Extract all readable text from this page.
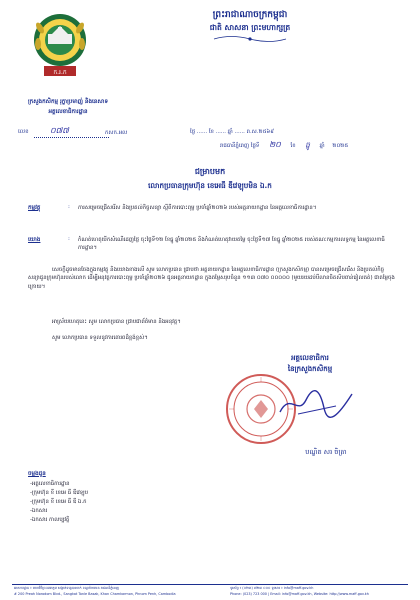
ក.រ.ក
ព្រះរាជាណាចក្រកម្ពុជា
ជាតិ សាសនា ព្រះមហាក្សត្រ
ក្រសួងកសិកម្ម រុក្ខាប្រមាញ់ និងនេសាទ
អគ្គលេខាធិការដ្ឋាន
លេខ	០៧៧	កសក.អល	ថ្ងៃ ...... ខែ ...... ឆ្នាំ ...... ព.ស.២៥៦៩
រាជធានីភ្នំពេញ ថ្ងៃទី ២០ ខែ ធ្នូ ឆ្នាំ ២០២៥
ជម្រាបមក
លោកប្រធានក្រុមហ៊ុន ខេអេធី ឌីវេឡុបមិន ឯ.ក
កម្មវត្ថុ	: ការសម្រេចជ្រើសរើស និងប្រគល់កិច្ចសន្យា ស្តីពីការបោះពុម្ព ប្រចាំឆ្នាំ២០២៦ របស់អគ្គនាយកដ្ឋាន នៃអគ្គលេខាធិការដ្ឋាន។
យោង	: កំណត់ហេតុបើកសំណើដេញថ្លៃ ចុះថ្ងៃទី១២ ខែធ្នូ ឆ្នាំ២០២៥ និងកំណត់ហេតុវាយតម្លៃ ចុះថ្ងៃទី១៧ ខែធ្នូ ឆ្នាំ២០២៥ របស់គណៈកម្មការលទ្ធកម្ម នៃអគ្គលេខាធិការដ្ឋាន។
សេចក្តីដូចមានចែងក្នុងកម្មវត្ថុ និងយោងខាងលើ សូម លោកប្រធាន ជ្រាបថា អគ្គនាយកដ្ឋាន នៃអគ្គលេខាធិការដ្ឋាន (ក្រសួងកសិកម្ម) បានសម្រេចជ្រើសរើស និងប្រគល់កិច្ចសន្យាជូនក្រុមហ៊ុនរបស់លោក ដើម្បីអនុវត្តការបោះពុម្ព ប្រចាំឆ្នាំ២០២៦ ជូនអគ្គនាយកដ្ឋាន ក្នុងតម្លៃសរុបចំនួន ១១៣ ០៧០ ០០០០០ (មួយរយដប់បីលានចិតសិបពាន់រៀលគត់) ជាតម្លៃចុងក្រោយ។
អាស្រ័យហេតុនេះ សូម លោកប្រធាន ជ្រាបជាព័ត៌មាន និងអនុវត្ត។
សូម លោកប្រធាន ទទួលនូវការគោរពដ៏ខ្ពង់ខ្ពស់។
អគ្គលេខាធិការ
នៃក្រសួងកសិកម្ម
បណ្ឌិត សរ ចិត្រា
ចម្លងជូន
-អគ្គលេខាធិការដ្ឋាន
-ក្រុមហ៊ុន ខី ខេអេ ធី ឌីវេឡុប
-ក្រុមហ៊ុន ខី ខេអេ ធី ឌី ឯ.ក
-ឯកសារ
-ឯកសារ កាលប្បវត្តិ
អាសយដ្ឋាន ៖ មហាវិថីព្រះនរោត្តម សង្កាត់ទន្លេបាសាក់ ខណ្ឌចំការមន រាជធានីភ្នំពេញ
# 200 Preah Norodom Blvd., Sangkat Tonle Basak, Khan Chamkarmon, Phnom Penh, Cambodia
ទូរស័ព្ទ ៖ (០២៣) ៧២៣ ០០០ ទូរសារ ៖ info@maff.gov.kh
Phone: (023) 723 000 | Email: info@maff.gov.kh, Website: http://www.maff.gov.kh
